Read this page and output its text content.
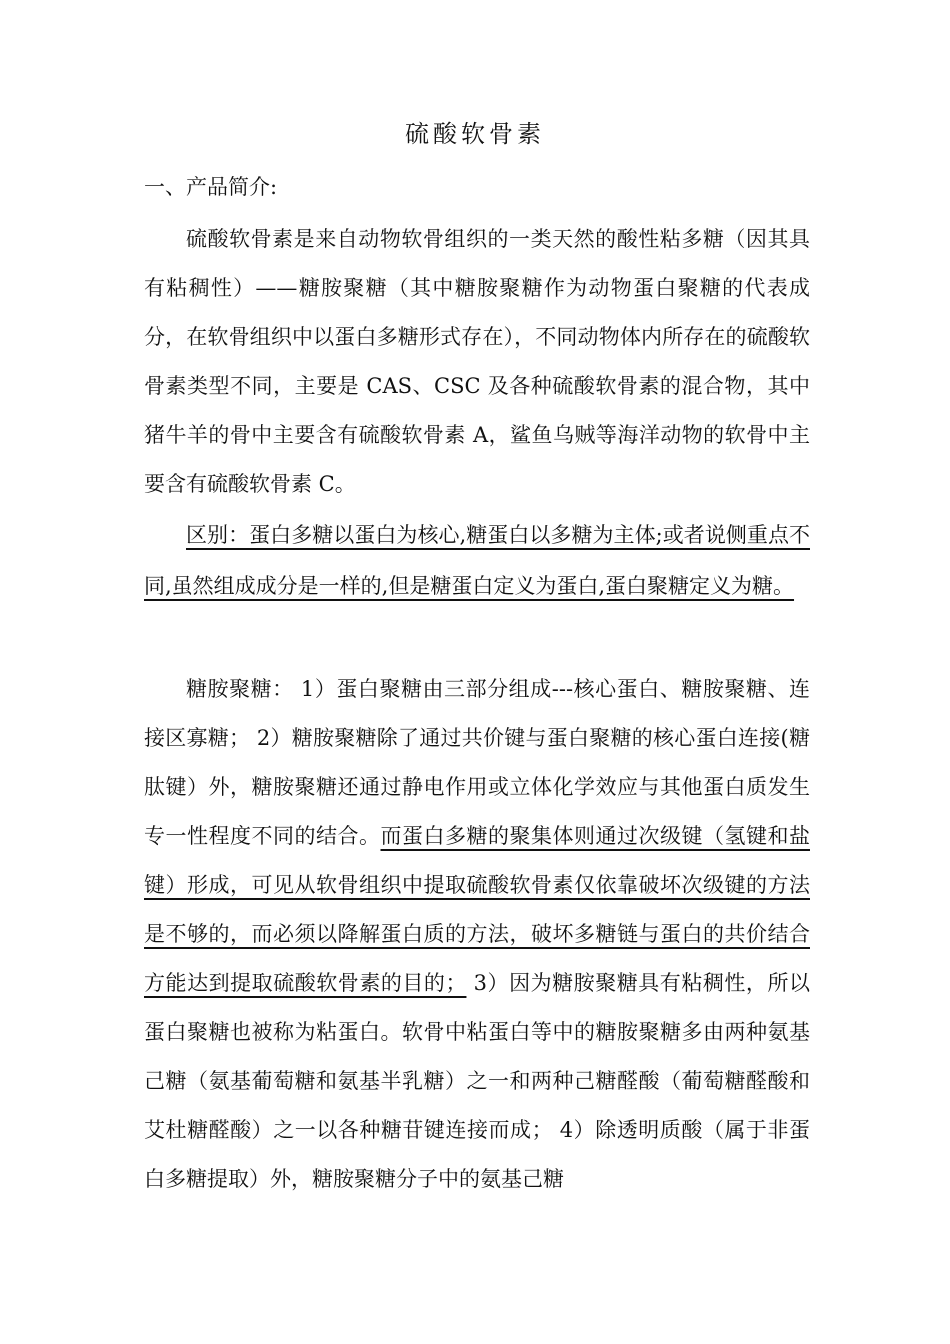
硫酸软骨素
一、产品简介:

硫酸软骨素是来自动物软骨组织的一类天然的酸性粘多糖（因其具有粘稠性）——糖胺聚糖（其中糖胺聚糖作为动物蛋白聚糖的代表成分，在软骨组织中以蛋白多糖形式存在），不同动物体内所存在的硫酸软骨素类型不同，主要是 CAS、CSC 及各种硫酸软骨素的混合物，其中猪牛羊的骨中主要含有硫酸软骨素 A，鲨鱼乌贼等海洋动物的软骨中主要含有硫酸软骨素 C。

区别：蛋白多糖以蛋白为核心,糖蛋白以多糖为主体;或者说侧重点不同,虽然组成成分是一样的,但是糖蛋白定义为蛋白,蛋白聚糖定义为糖。

糖胺聚糖： 1）蛋白聚糖由三部分组成---核心蛋白、糖胺聚糖、连接区寡糖； 2）糖胺聚糖除了通过共价键与蛋白聚糖的核心蛋白连接(糖肽键）外，糖胺聚糖还通过静电作用或立体化学效应与其他蛋白质发生专一性程度不同的结合。而蛋白多糖的聚集体则通过次级键（氢键和盐键）形成，可见从软骨组织中提取硫酸软骨素仅依靠破坏次级键的方法是不够的，而必须以降解蛋白质的方法，破坏多糖链与蛋白的共价结合方能达到提取硫酸软骨素的目的； 3）因为糖胺聚糖具有粘稠性，所以蛋白聚糖也被称为粘蛋白。软骨中粘蛋白等中的糖胺聚糖多由两种氨基己糖（氨基葡萄糖和氨基半乳糖）之一和两种己糖醛酸（葡萄糖醛酸和艾杜糖醛酸）之一以各种糖苷键连接而成； 4）除透明质酸（属于非蛋白多糖提取）外，糖胺聚糖分子中的氨基己糖
